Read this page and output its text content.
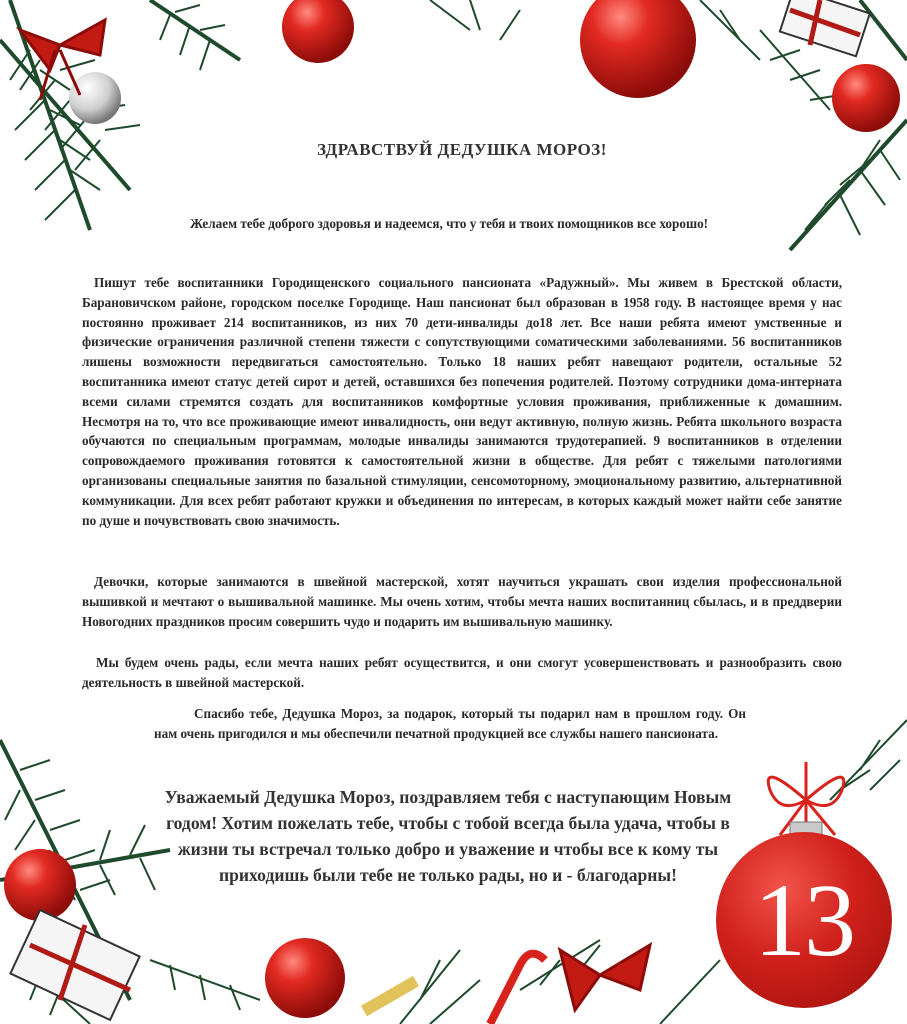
ЗДРАВСТВУЙ ДЕДУШКА МОРОЗ!
Желаем тебе доброго здоровья и надеемся, что у тебя и твоих помощников все хорошо!
Пишут тебе воспитанники Городищенского социального пансионата «Радужный». Мы живем в Брестской области, Барановичском районе, городском поселке Городище. Наш пансионат был образован в 1958 году. В настоящее время у нас постоянно проживает 214 воспитанников, из них 70 дети-инвалиды до18 лет. Все наши ребята имеют умственные и физические ограничения различной степени тяжести с сопутствующими соматическими заболеваниями. 56 воспитанников лишены возможности передвигаться самостоятельно. Только 18 наших ребят навещают родители, остальные 52 воспитанника имеют статус детей сирот и детей, оставшихся без попечения родителей. Поэтому сотрудники дома-интерната всеми силами стремятся создать для воспитанников комфортные условия проживания, приближенные к домашним. Несмотря на то, что все проживающие имеют инвалидность, они ведут активную, полную жизнь. Ребята школьного возраста обучаются по специальным программам, молодые инвалиды занимаются трудотерапией. 9 воспитанников в отделении сопровождаемого проживания готовятся к самостоятельной жизни в обществе. Для ребят с тяжелыми патологиями организованы специальные занятия по базальной стимуляции, сенсомоторному, эмоциональному развитию, альтернативной коммуникации. Для всех ребят работают кружки и объединения по интересам, в которых каждый может найти себе занятие по душе и почувствовать свою значимость.
Девочки, которые занимаются в швейной мастерской, хотят научиться украшать свои изделия профессиональной вышивкой и мечтают о вышивальной машинке. Мы очень хотим, чтобы мечта наших воспитанниц сбылась, и в преддверии Новогодних праздников просим совершить чудо и подарить им вышивальную машинку.
Мы будем очень рады, если мечта наших ребят осуществится, и они смогут усовершенствовать и разнообразить свою деятельность в швейной мастерской.
Спасибо тебе, Дедушка Мороз, за подарок, который ты подарил нам в прошлом году. Он нам очень пригодился и мы обеспечили печатной продукцией все службы нашего пансионата.
Уважаемый Дедушка Мороз, поздравляем тебя с наступающим Новым годом! Хотим пожелать тебе, чтобы с тобой всегда была удача, чтобы в жизни ты встречал только добро и уважение и чтобы все к кому ты приходишь были тебе не только рады, но и - благодарны! 13
